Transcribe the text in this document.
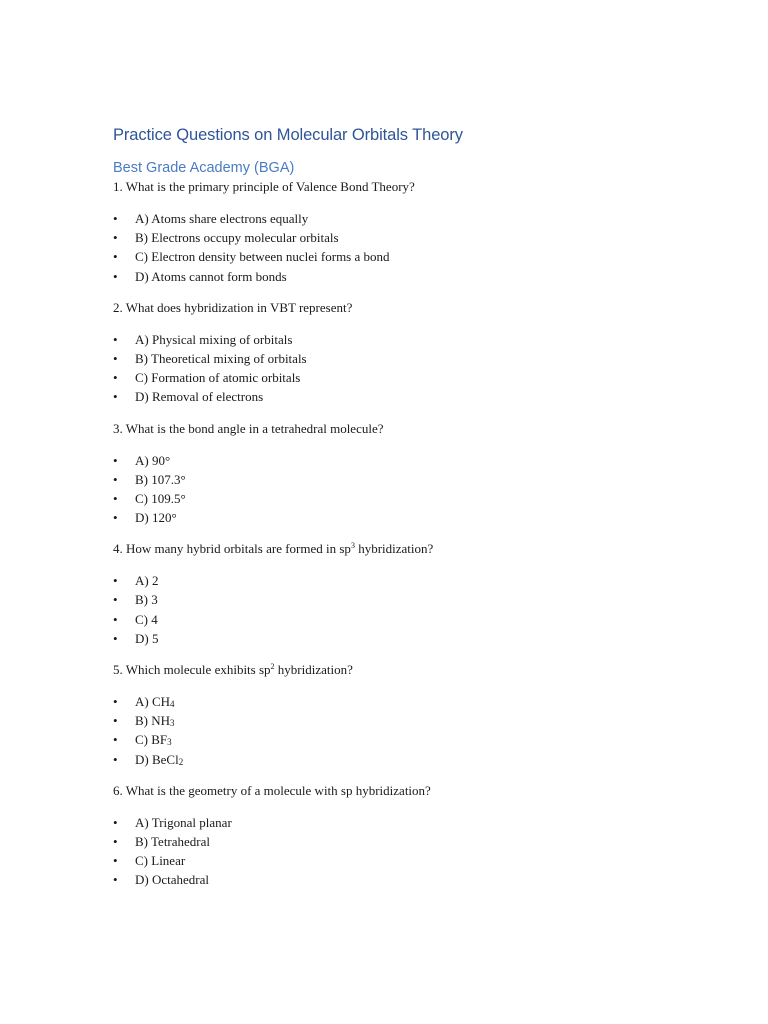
Practice Questions on Molecular Orbitals Theory
Best Grade Academy (BGA)

1. What is the primary principle of Valence Bond Theory?

• A) Atoms share electrons equally
• B) Electrons occupy molecular orbitals
• C) Electron density between nuclei forms a bond
• D) Atoms cannot form bonds

2. What does hybridization in VBT represent?

• A) Physical mixing of orbitals
• B) Theoretical mixing of orbitals
• C) Formation of atomic orbitals
• D) Removal of electrons

3. What is the bond angle in a tetrahedral molecule?

• A) 90°
• B) 107.3°
• C) 109.5°
• D) 120°

4. How many hybrid orbitals are formed in $sp^3$ hybridization?

• A) 2
• B) 3
• C) 4
• D) 5

5. Which molecule exhibits $sp^2$ hybridization?

• A) $CH_4$
• B) $NH_3$
• C) $BF_3$
• D) BeCl$_2$

6. What is the geometry of a molecule with sp hybridization?

• A) Trigonal planar
• B) Tetrahedral
• C) Linear
• D) Octahedral
